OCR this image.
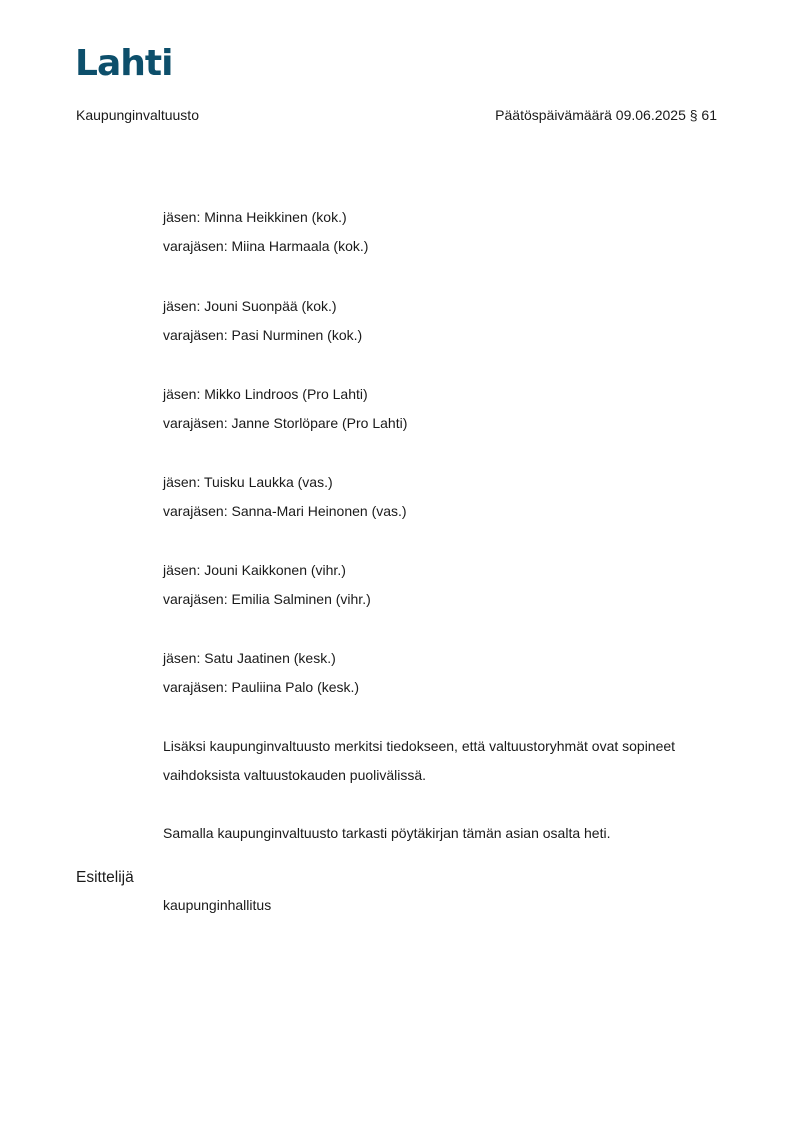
Lahti
Kaupunginvaltuusto	Päätöspäivämäärä 09.06.2025 § 61

jäsen: Minna Heikkinen (kok.)

varajäsen: Miina Harmaala (kok.)

jäsen: Jouni Suonpää (kok.)

varajäsen: Pasi Nurminen (kok.)

jäsen: Mikko Lindroos (Pro Lahti)

varajäsen: Janne Storlöpare (Pro Lahti)

jäsen: Tuisku Laukka (vas.)

varajäsen: Sanna-Mari Heinonen (vas.)

jäsen: Jouni Kaikkonen (vihr.)

varajäsen: Emilia Salminen (vihr.)

jäsen: Satu Jaatinen (kesk.)

varajäsen: Pauliina Palo (kesk.)

Lisäksi kaupunginvaltuusto merkitsi tiedokseen, että valtuustoryhmät ovat sopineet

vaihdoksista valtuustokauden puolivälissä.

Samalla kaupunginvaltuusto tarkasti pöytäkirjan tämän asian osalta heti.

Esittelijä
kaupunginhallitus
